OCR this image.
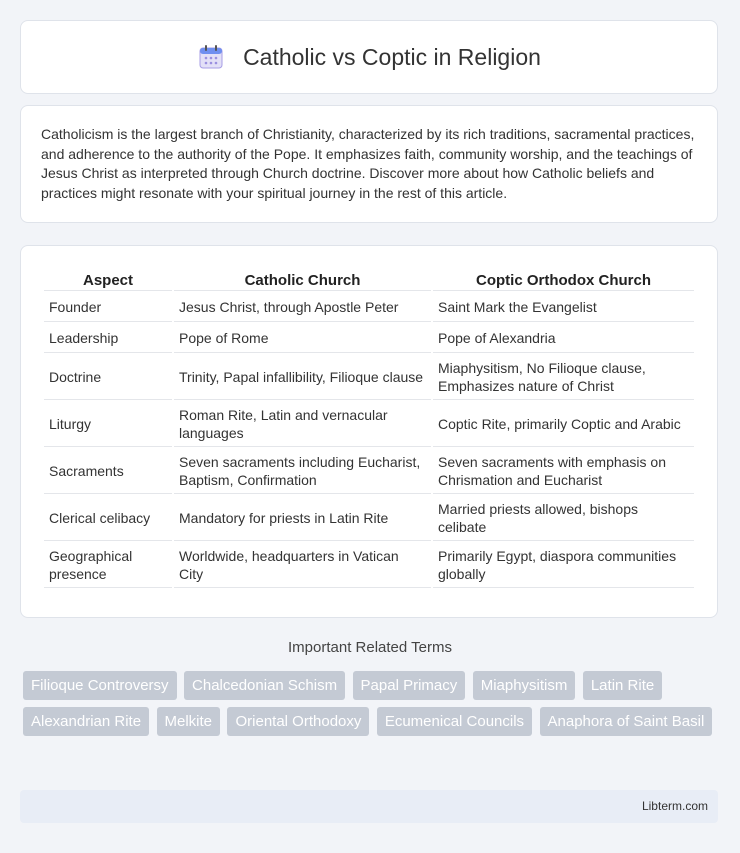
Catholic vs Coptic in Religion

Catholicism is the largest branch of Christianity, characterized by its rich traditions, sacramental practices, and adherence to the authority of the Pope. It emphasizes faith, community worship, and the teachings of Jesus Christ as interpreted through Church doctrine. Discover more about how Catholic beliefs and practices might resonate with your spiritual journey in the rest of this article.

Aspect	Catholic Church	Coptic Orthodox Church
Founder	Jesus Christ, through Apostle Peter	Saint Mark the Evangelist
Leadership	Pope of Rome	Pope of Alexandria
Doctrine	Trinity, Papal infallibility, Filioque clause	Miaphysitism, No Filioque clause, Emphasizes nature of Christ
Liturgy	Roman Rite, Latin and vernacular languages	Coptic Rite, primarily Coptic and Arabic
Sacraments	Seven sacraments including Eucharist, Baptism, Confirmation	Seven sacraments with emphasis on Chrismation and Eucharist
Clerical celibacy	Mandatory for priests in Latin Rite	Married priests allowed, bishops celibate
Geographical presence	Worldwide, headquarters in Vatican City	Primarily Egypt, diaspora communities globally
Important Related Terms
Filioque Controversy Chalcedonian Schism Papal Primacy Miaphysitism Latin Rite Alexandrian Rite Melkite Oriental Orthodoxy Ecumenical Councils Anaphora of Saint Basil
Libterm.com
